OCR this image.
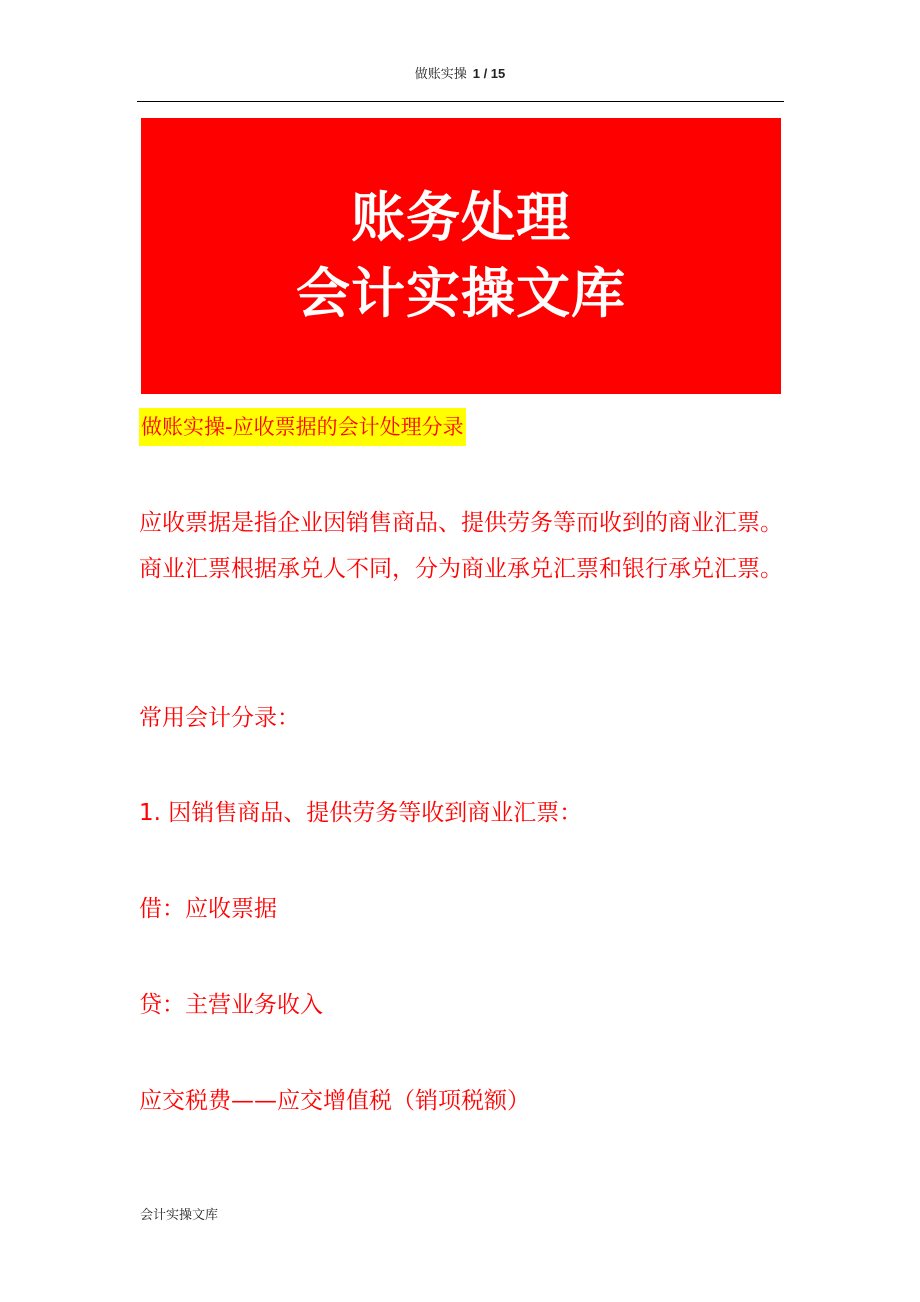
做账实操 1 / 15
账务处理
会计实操文库
做账实操-应收票据的会计处理分录
应收票据是指企业因销售商品、提供劳务等而收到的商业汇票。商业汇票根据承兑人不同，分为商业承兑汇票和银行承兑汇票。
常用会计分录：
1. 因销售商品、提供劳务等收到商业汇票：
借：应收票据
贷：主营业务收入
应交税费——应交增值税（销项税额）
会计实操文库
